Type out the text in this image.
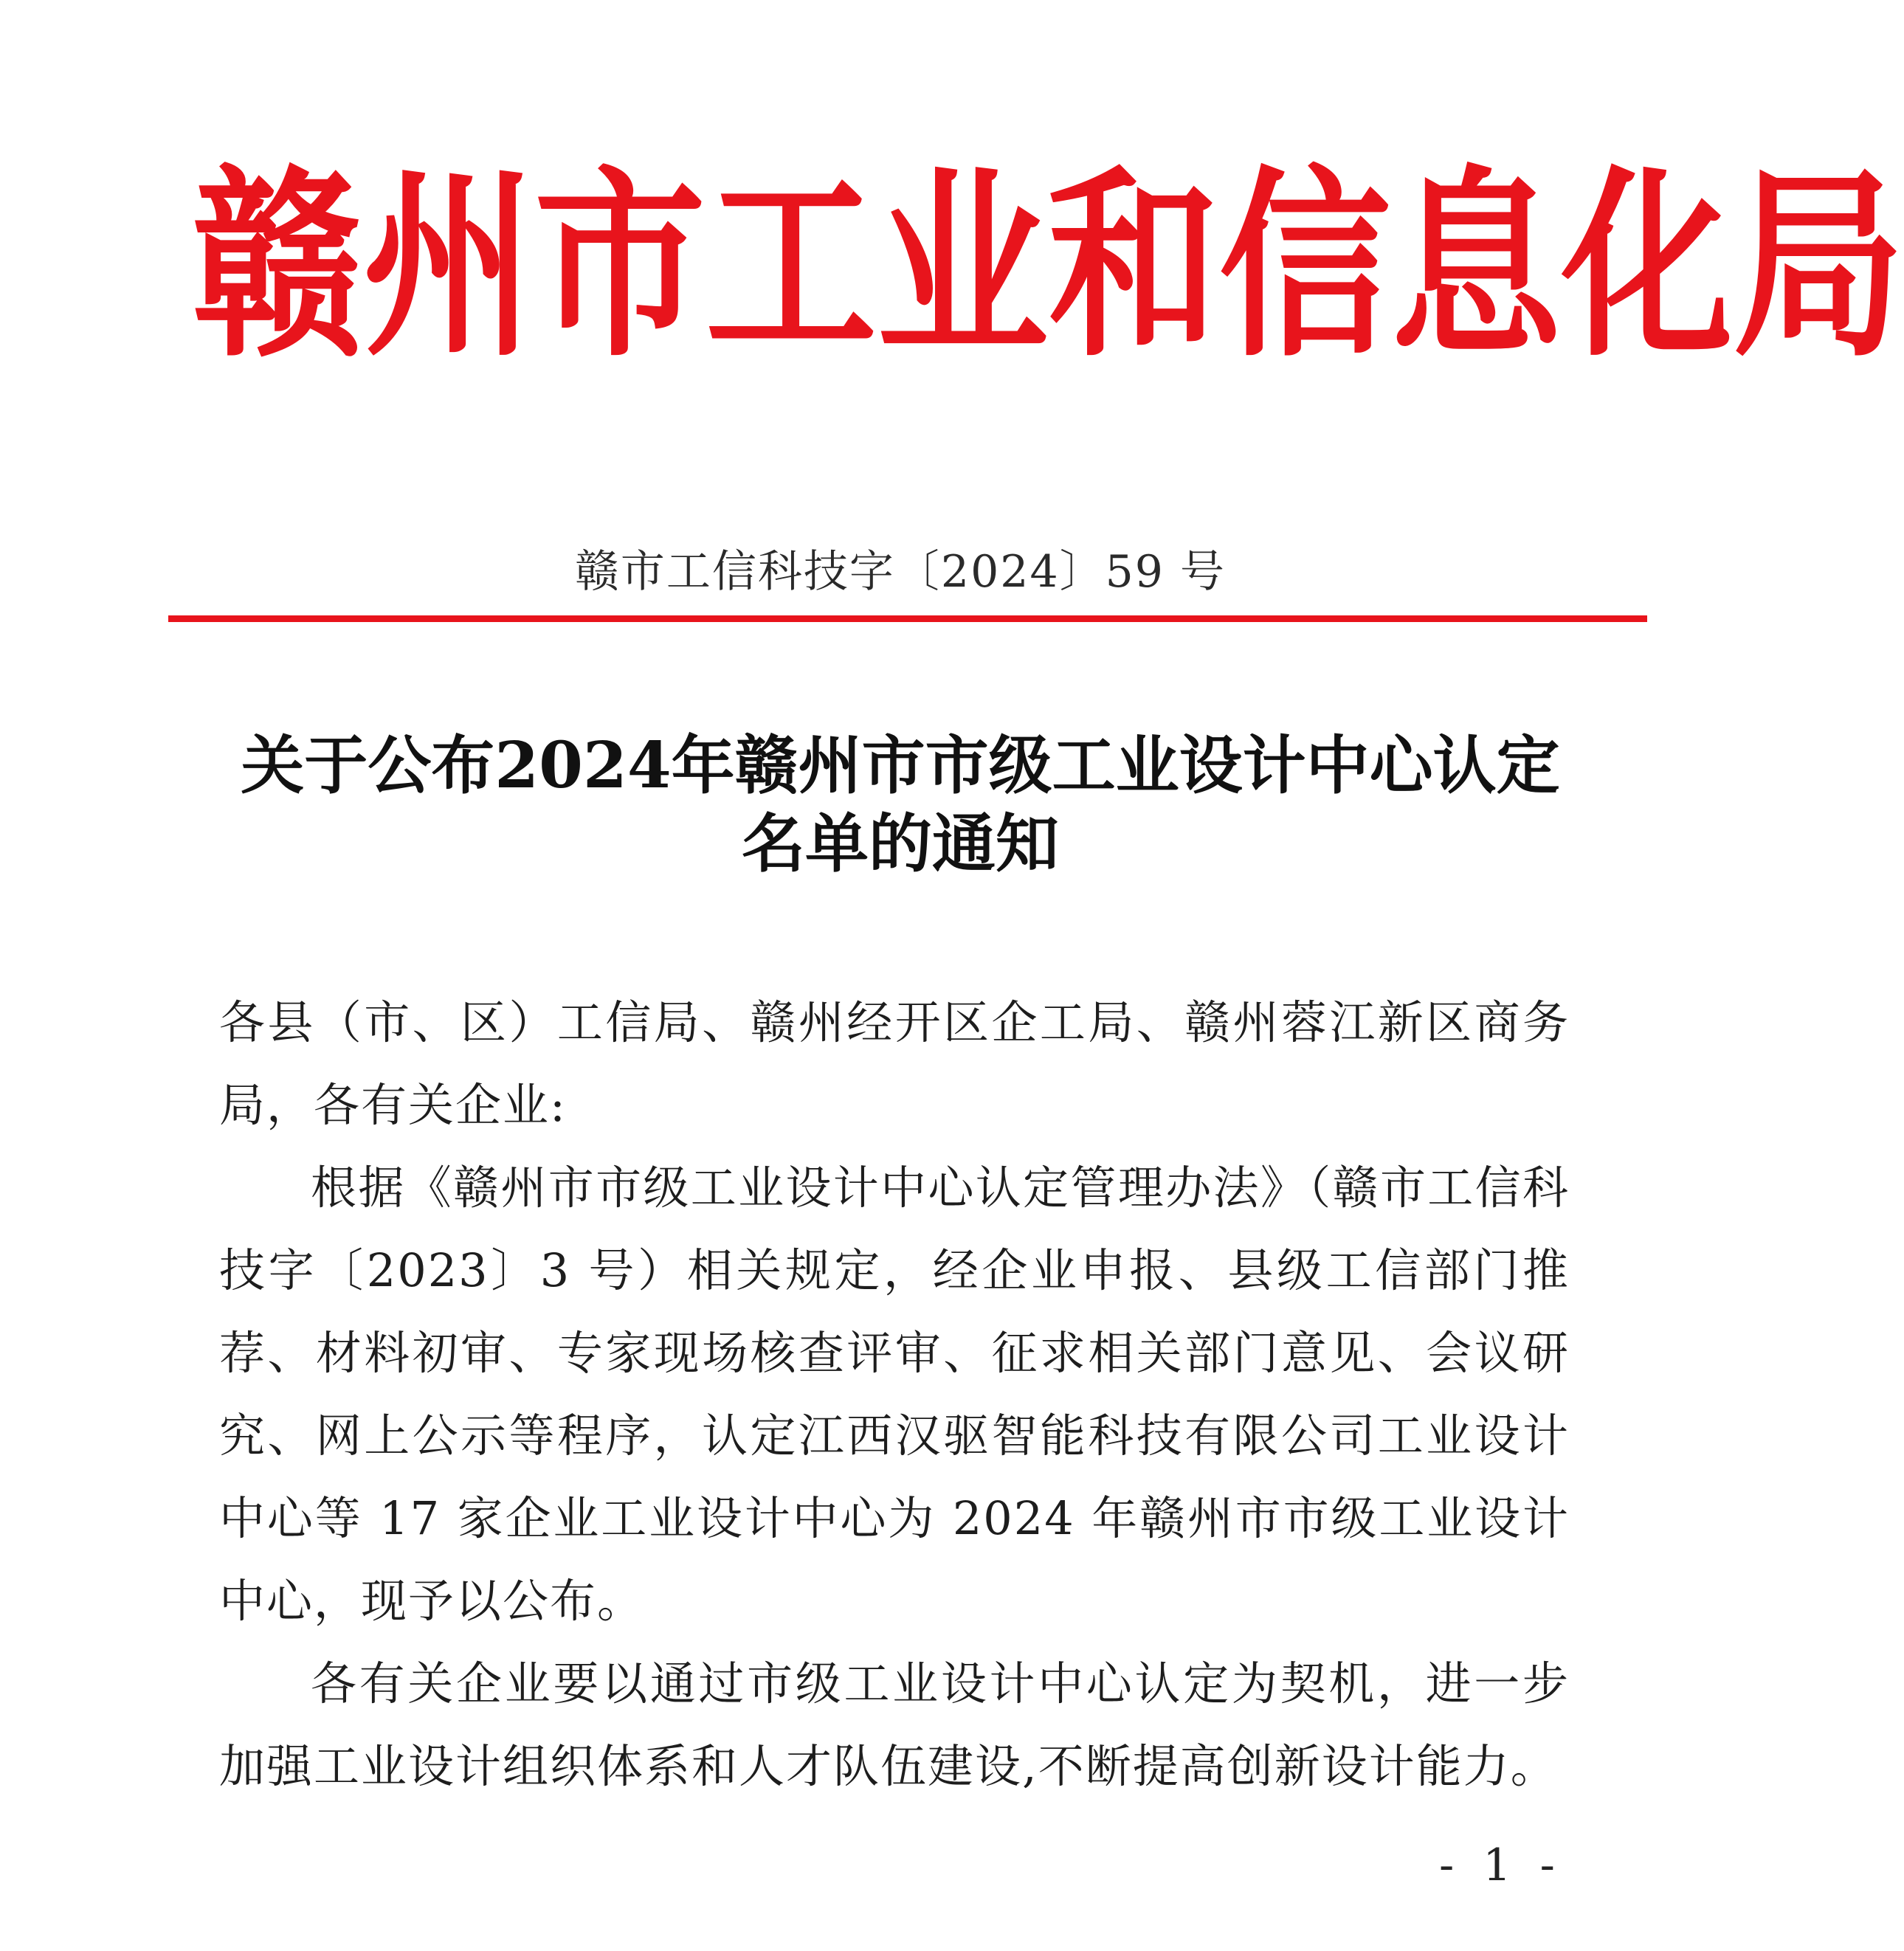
赣 州 市 工 业 和 信 息 化 局
赣市工信科技字〔2024〕59 号
关于公布2024年赣州市市级工业设计中心认定
名单的通知

各县（市、区）工信局、赣州经开区企工局、赣州蓉江新区商务局，各有关企业:

根据《赣州市市级工业设计中心认定管理办法》（赣市工信科技字〔2023〕3 号）相关规定，经企业申报、县级工信部门推荐、材料初审、专家现场核查评审、征求相关部门意见、会议研究、网上公示等程序，认定江西汉驱智能科技有限公司工业设计中心等 17 家企业工业设计中心为 2024 年赣州市市级工业设计中心，现予以公布。

各有关企业要以通过市级工业设计中心认定为契机，进一步加强工业设计组织体系和人才队伍建设,不断提高创新设计能力。

- 1 -
